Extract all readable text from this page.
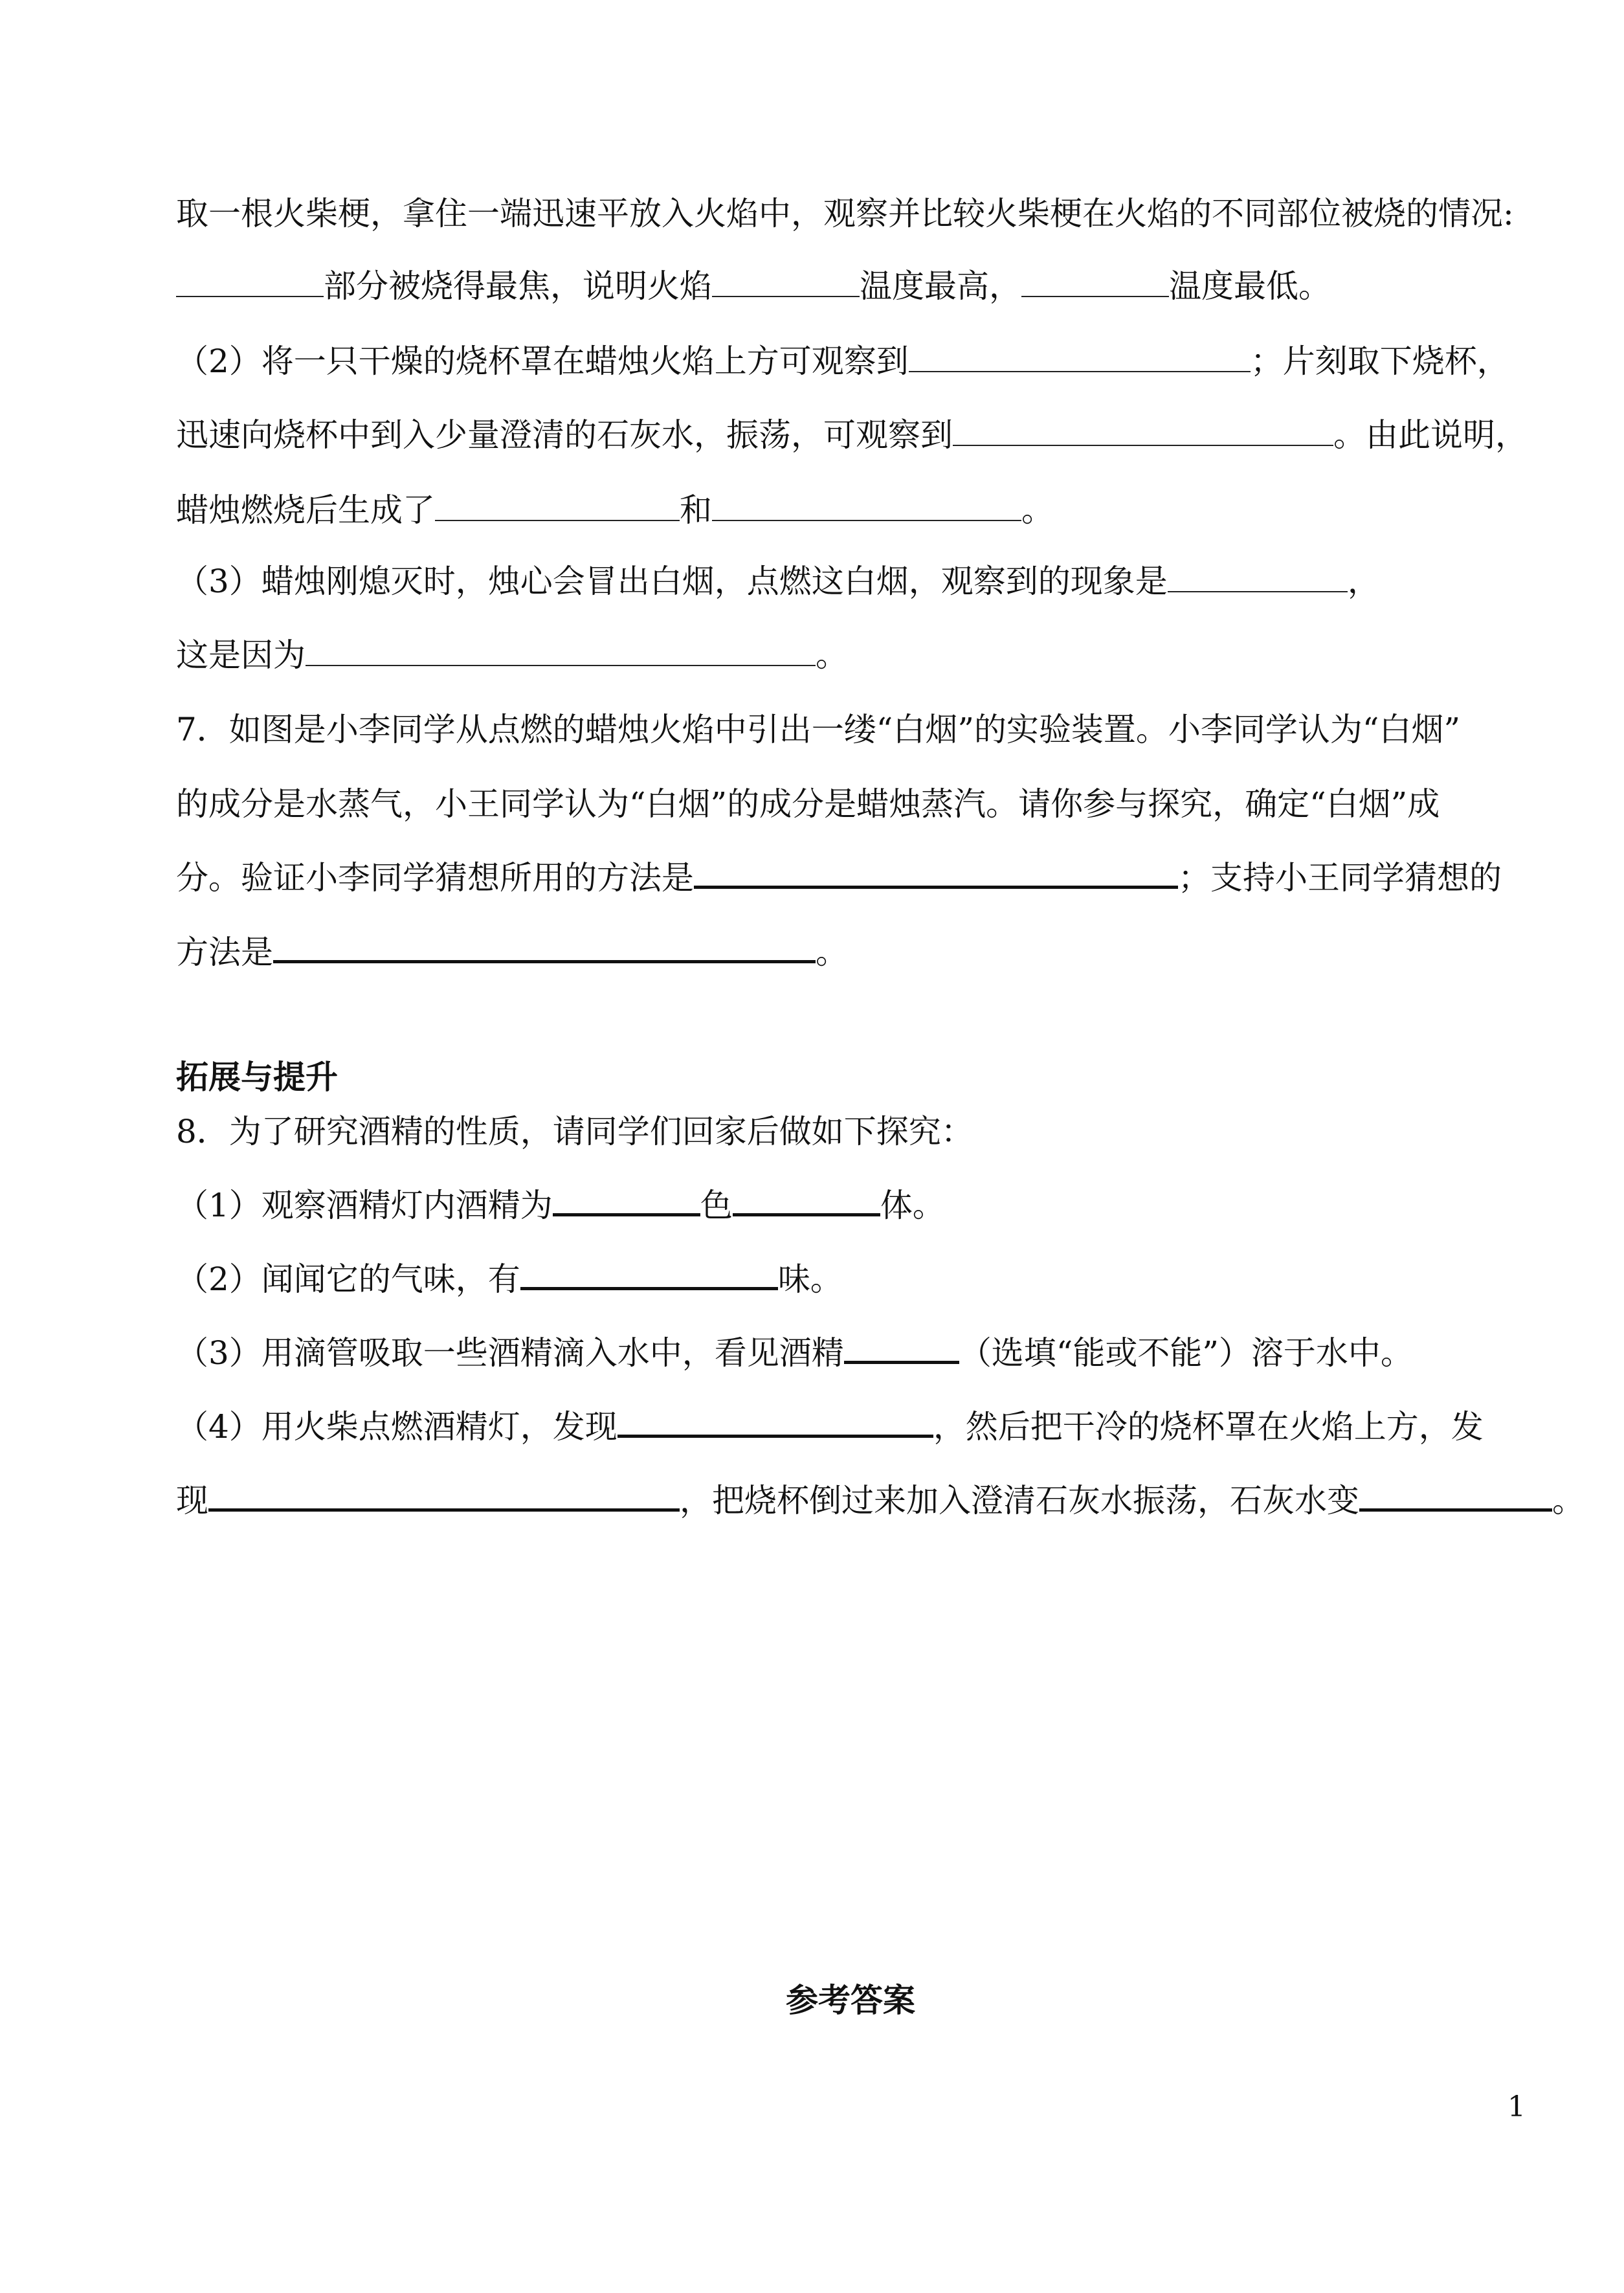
取一根火柴梗，拿住一端迅速平放入火焰中，观察并比较火柴梗在火焰的不同部位被烧的情况:

部分被烧得最焦，说明火焰	温度最高，	温度最低。

（2）将一只干燥的烧杯罩在蜡烛火焰上方可观察到	；片刻取下烧杯，

迅速向烧杯中到入少量澄清的石灰水，振荡，可观察到	。由此说明，

蜡烛燃烧后生成了	和	。

（3）蜡烛刚熄灭时，烛心会冒出白烟，点燃这白烟，观察到的现象是	，

这是因为	。

7．如图是小李同学从点燃的蜡烛火焰中引出一缕“白烟”的实验装置。小李同学认为“白烟”

的成分是水蒸气，小王同学认为“白烟”的成分是蜡烛蒸汽。请你参与探究，确定“白烟”成

分。验证小李同学猜想所用的方法是	；支持小王同学猜想的

方法是	。

拓展与提升

8．为了研究酒精的性质，请同学们回家后做如下探究：

（1）观察酒精灯内酒精为	色	体。

（2）闻闻它的气味，有	味。

（3）用滴管吸取一些酒精滴入水中，看见酒精	（选填“能或不能”）溶于水中。

（4）用火柴点燃酒精灯，发现	，然后把干冷的烧杯罩在火焰上方，发

现	，把烧杯倒过来加入澄清石灰水振荡，石灰水变	。

参考答案

1
